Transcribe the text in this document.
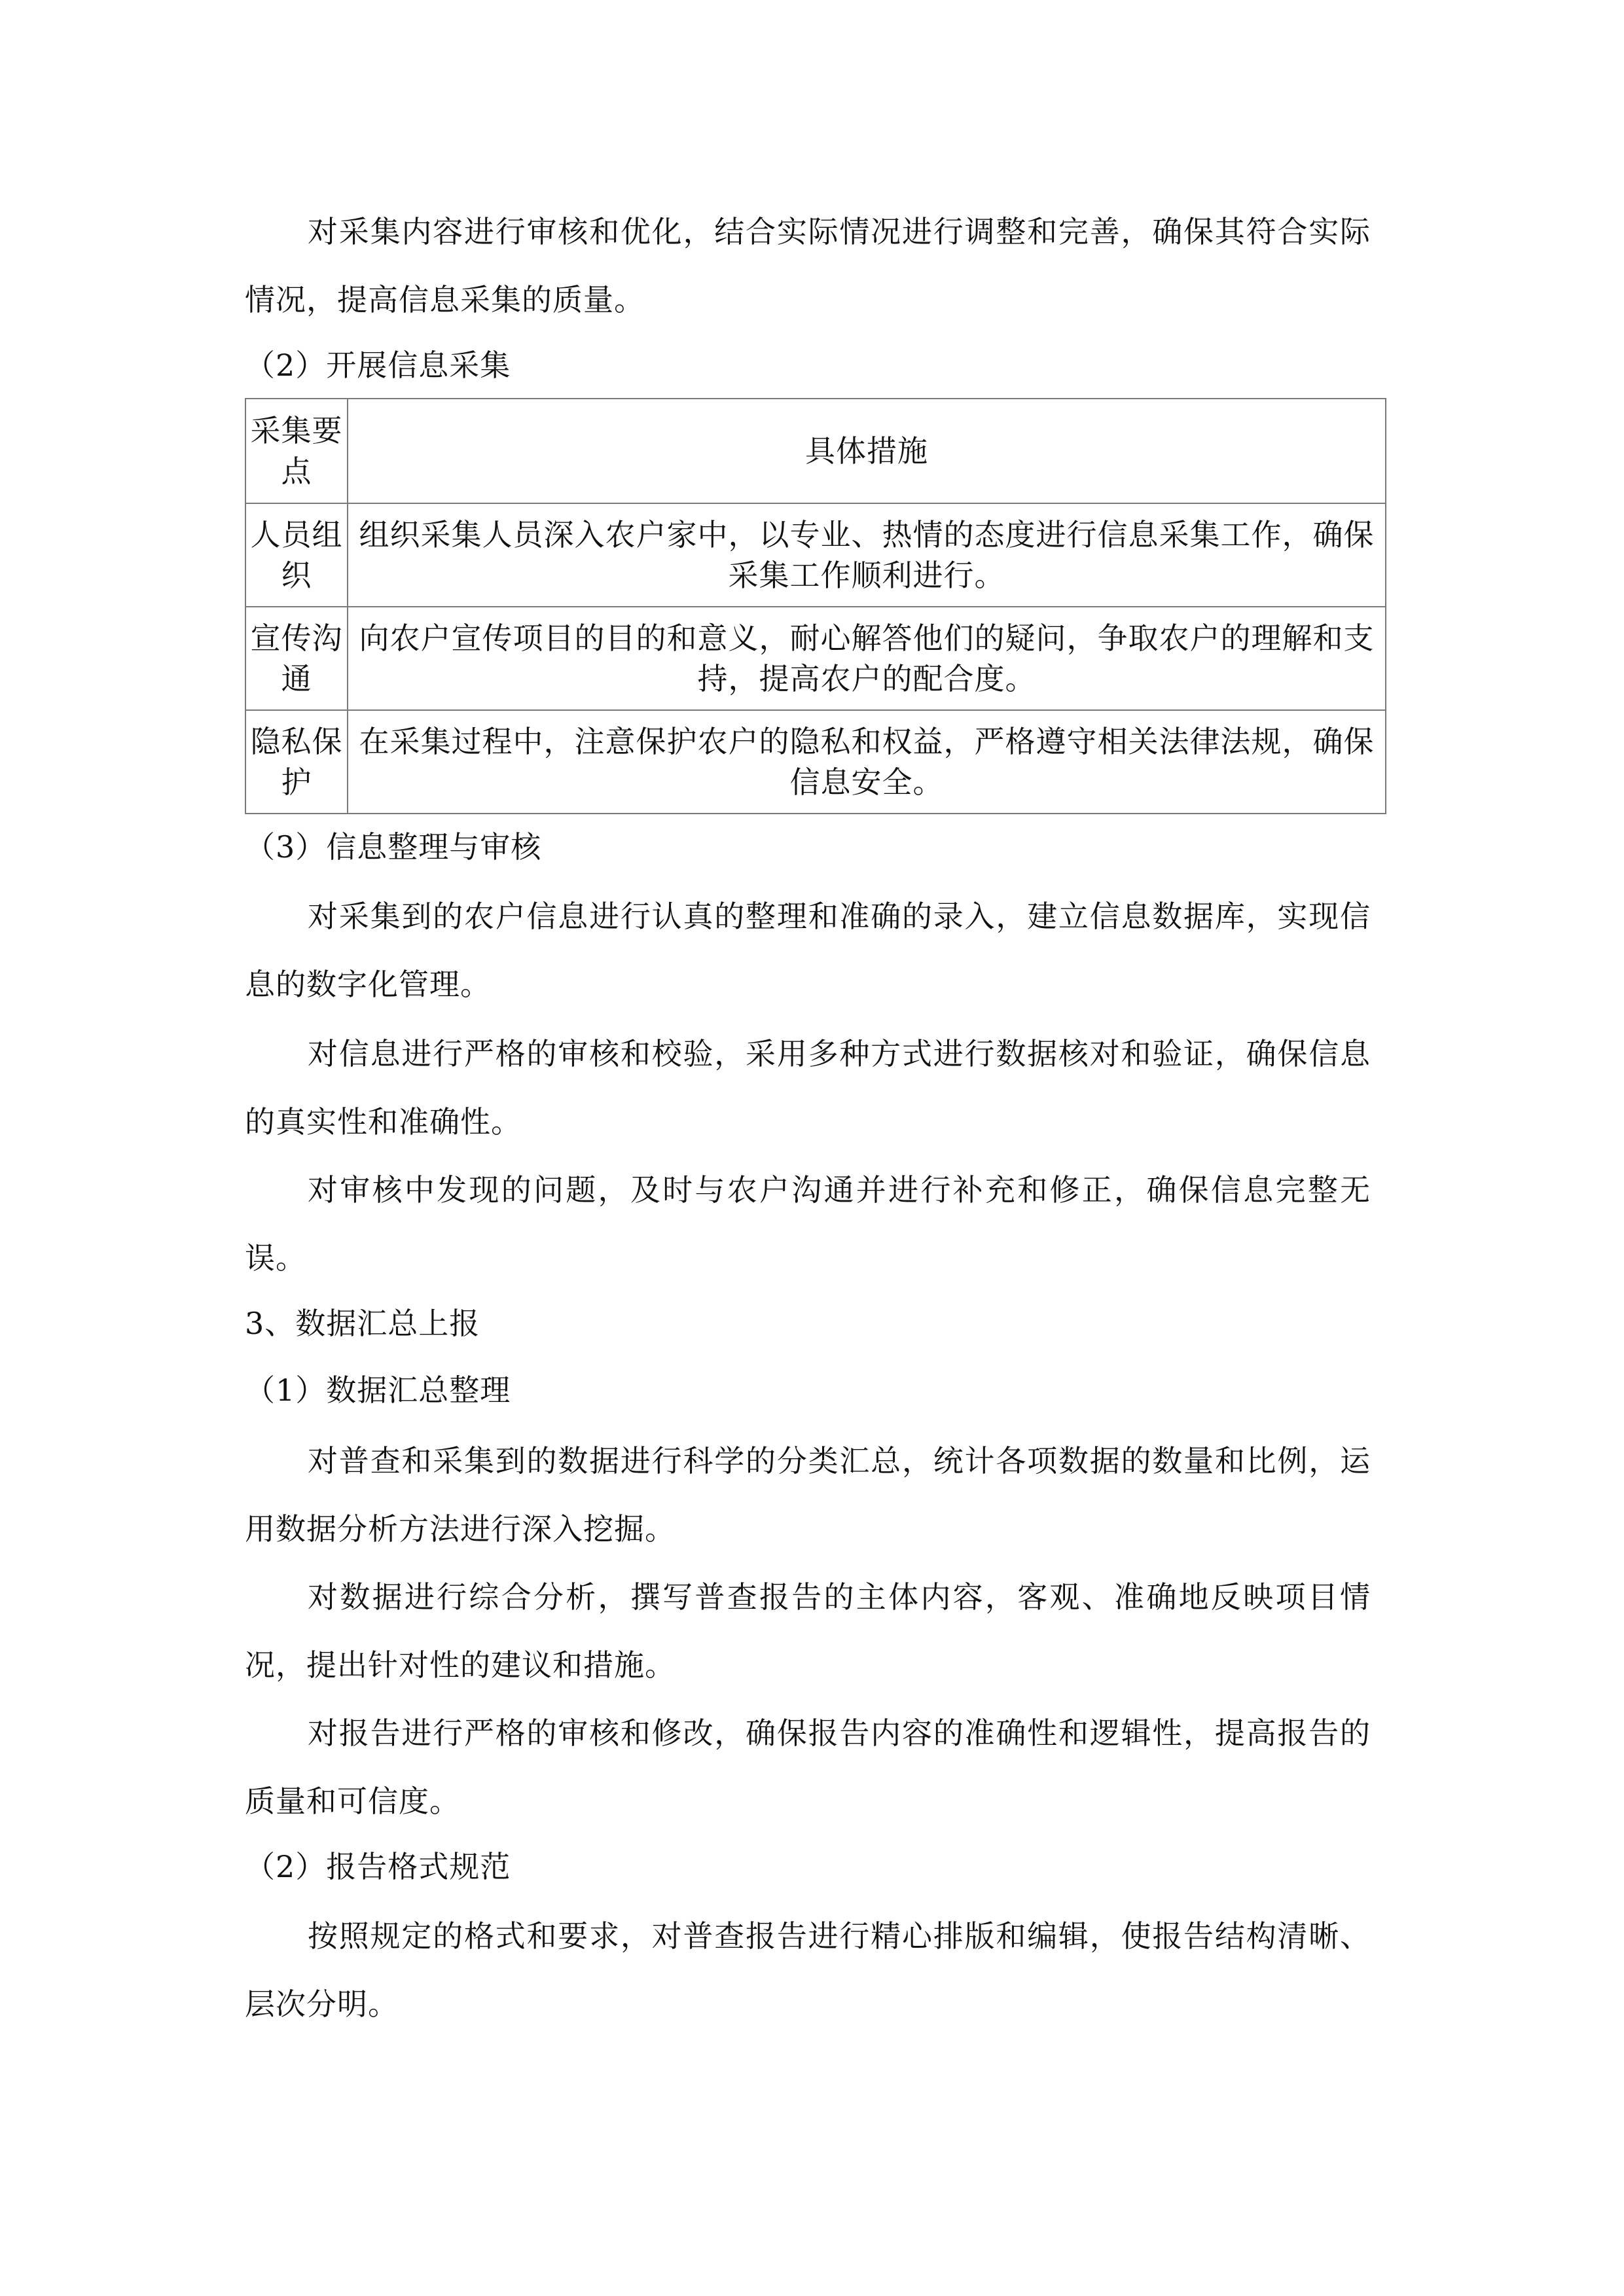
对采集内容进行审核和优化，结合实际情况进行调整和完善，确保其符合实际情况，提高信息采集的质量。

（2）开展信息采集

采集要点	具体措施
人员组织	组织采集人员深入农户家中，以专业、热情的态度进行信息采集工作，确保采集工作顺利进行。
宣传沟通	向农户宣传项目的目的和意义，耐心解答他们的疑问，争取农户的理解和支持，提高农户的配合度。
隐私保护	在采集过程中，注意保护农户的隐私和权益，严格遵守相关法律法规，确保信息安全。

（3）信息整理与审核

对采集到的农户信息进行认真的整理和准确的录入，建立信息数据库，实现信息的数字化管理。

对信息进行严格的审核和校验，采用多种方式进行数据核对和验证，确保信息的真实性和准确性。

对审核中发现的问题，及时与农户沟通并进行补充和修正，确保信息完整无误。

3、数据汇总上报

（1）数据汇总整理

对普查和采集到的数据进行科学的分类汇总，统计各项数据的数量和比例，运用数据分析方法进行深入挖掘。

对数据进行综合分析，撰写普查报告的主体内容，客观、准确地反映项目情况，提出针对性的建议和措施。

对报告进行严格的审核和修改，确保报告内容的准确性和逻辑性，提高报告的质量和可信度。

（2）报告格式规范

按照规定的格式和要求，对普查报告进行精心排版和编辑，使报告结构清晰、层次分明。
